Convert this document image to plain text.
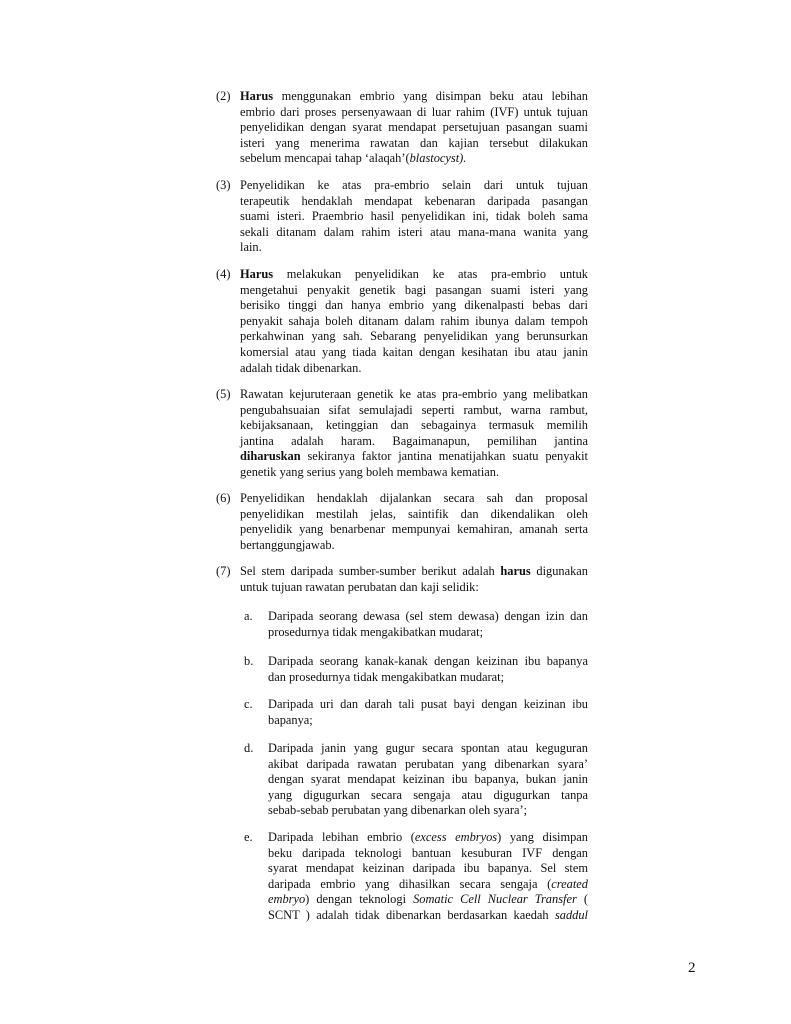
(2) Harus menggunakan embrio yang disimpan beku atau lebihan
embrio dari proses persenyawaan di luar rahim (IVF) untuk tujuan
penyelidikan dengan syarat mendapat persetujuan pasangan suami
isteri yang menerima rawatan dan kajian tersebut dilakukan
sebelum mencapai tahap ‘alaqah’(blastocyst).
(3) Penyelidikan ke atas pra-embrio selain dari untuk tujuan
terapeutik hendaklah mendapat kebenaran daripada pasangan
suami isteri. Praembrio hasil penyelidikan ini, tidak boleh sama
sekali ditanam dalam rahim isteri atau mana-mana wanita yang
lain.
(4) Harus melakukan penyelidikan ke atas pra-embrio untuk
mengetahui penyakit genetik bagi pasangan suami isteri yang
berisiko tinggi dan hanya embrio yang dikenalpasti bebas dari
penyakit sahaja boleh ditanam dalam rahim ibunya dalam tempoh
perkahwinan yang sah. Sebarang penyelidikan yang berunsurkan
komersial atau yang tiada kaitan dengan kesihatan ibu atau janin
adalah tidak dibenarkan.
(5) Rawatan kejuruteraan genetik ke atas pra-embrio yang melibatkan
pengubahsuaian sifat semulajadi seperti rambut, warna rambut,
kebijaksanaan, ketinggian dan sebagainya termasuk memilih
jantina adalah haram. Bagaimanapun, pemilihan jantina
diharuskan sekiranya faktor jantina menatijahkan suatu penyakit
genetik yang serius yang boleh membawa kematian.
(6) Penyelidikan hendaklah dijalankan secara sah dan proposal
penyelidikan mestilah jelas, saintifik dan dikendalikan oleh
penyelidik yang benarbenar mempunyai kemahiran, amanah serta
bertanggungjawab.
(7) Sel stem daripada sumber-sumber berikut adalah harus digunakan
untuk tujuan rawatan perubatan dan kaji selidik:
a. Daripada seorang dewasa (sel stem dewasa) dengan izin dan
prosedurnya tidak mengakibatkan mudarat;
b. Daripada seorang kanak-kanak dengan keizinan ibu bapanya
dan prosedurnya tidak mengakibatkan mudarat;
c. Daripada uri dan darah tali pusat bayi dengan keizinan ibu
bapanya;
d. Daripada janin yang gugur secara spontan atau keguguran
akibat daripada rawatan perubatan yang dibenarkan syara’
dengan syarat mendapat keizinan ibu bapanya, bukan janin
yang digugurkan secara sengaja atau digugurkan tanpa
sebab-sebab perubatan yang dibenarkan oleh syara’;
e. Daripada lebihan embrio (excess embryos) yang disimpan
beku daripada teknologi bantuan kesuburan IVF dengan
syarat mendapat keizinan daripada ibu bapanya. Sel stem
daripada embrio yang dihasilkan secara sengaja (created
embryo) dengan teknologi Somatic Cell Nuclear Transfer (
SCNT ) adalah tidak dibenarkan berdasarkan kaedah saddul
2
